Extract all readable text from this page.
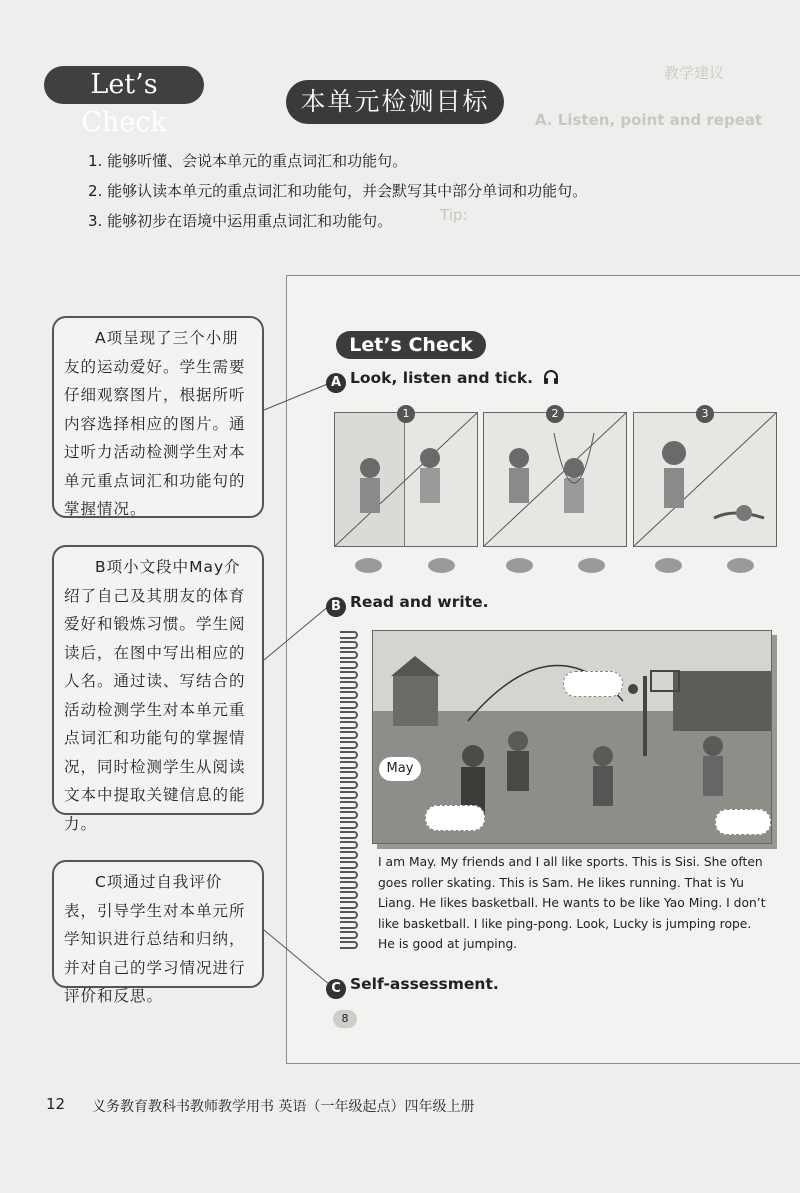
教学建议
A. Listen, point and repeat
Tip:
Let’s Check
本单元检测目标
1. 能够听懂、会说本单元的重点词汇和功能句。
2. 能够认读本单元的重点词汇和功能句，并会默写其中部分单词和功能句。
3. 能够初步在语境中运用重点词汇和功能句。
A项呈现了三个小朋友的运动爱好。学生需要仔细观察图片，根据所听内容选择相应的图片。通过听力活动检测学生对本单元重点词汇和功能句的掌握情况。
B项小文段中May介绍了自己及其朋友的体育爱好和锻炼习惯。学生阅读后，在图中写出相应的人名。通过读、写结合的活动检测学生对本单元重点词汇和功能句的掌握情况，同时检测学生从阅读文本中提取关键信息的能力。
C项通过自我评价表，引导学生对本单元所学知识进行总结和归纳，并对自己的学习情况进行评价和反思。
Let’s Check
A Look, listen and tick.
1	2	3
B Read and write.
May
I am May. My friends and I all like sports. This is Sisi. She often goes roller skating. This is Sam. He likes running. That is Yu Liang. He likes basketball. He wants to be like Yao Ming. I don’t like basketball. I like ping-pong. Look, Lucky is jumping rope. He is good at jumping.
C Self-assessment.
8
12 义务教育教科书教师教学用书 英语（一年级起点）四年级上册
